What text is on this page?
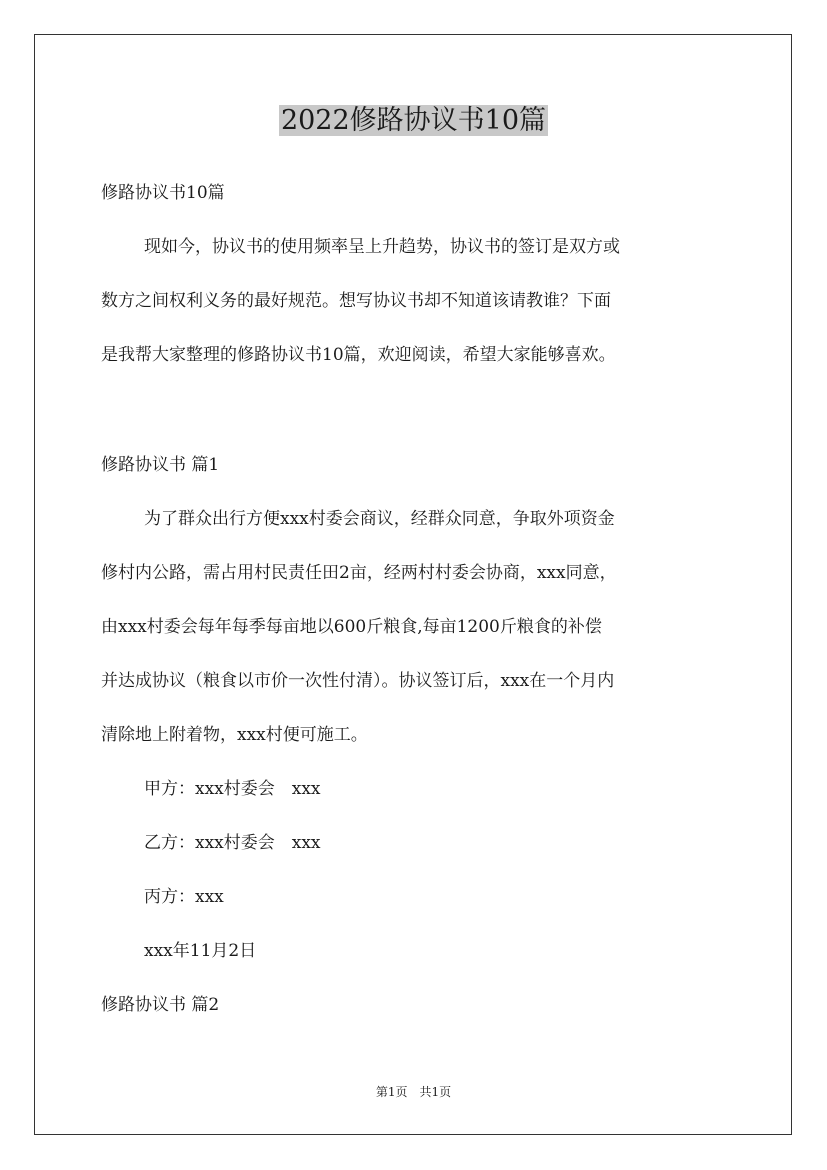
2022修路协议书10篇

修路协议书10篇

现如今，协议书的使用频率呈上升趋势，协议书的签订是双方或

数方之间权利义务的最好规范。想写协议书却不知道该请教谁？下面

是我帮大家整理的修路协议书10篇，欢迎阅读，希望大家能够喜欢。

修路协议书 篇1

为了群众出行方便xxx村委会商议，经群众同意，争取外项资金

修村内公路，需占用村民责任田2亩，经两村村委会协商，xxx同意，

由xxx村委会每年每季每亩地以600斤粮食,每亩1200斤粮食的补偿

并达成协议（粮食以市价一次性付清）。协议签订后，xxx在一个月内

清除地上附着物，xxx村便可施工。

甲方：xxx村委会　xxx

乙方：xxx村委会　xxx

丙方：xxx

xxx年11月2日

修路协议书 篇2

第1页　共1页
